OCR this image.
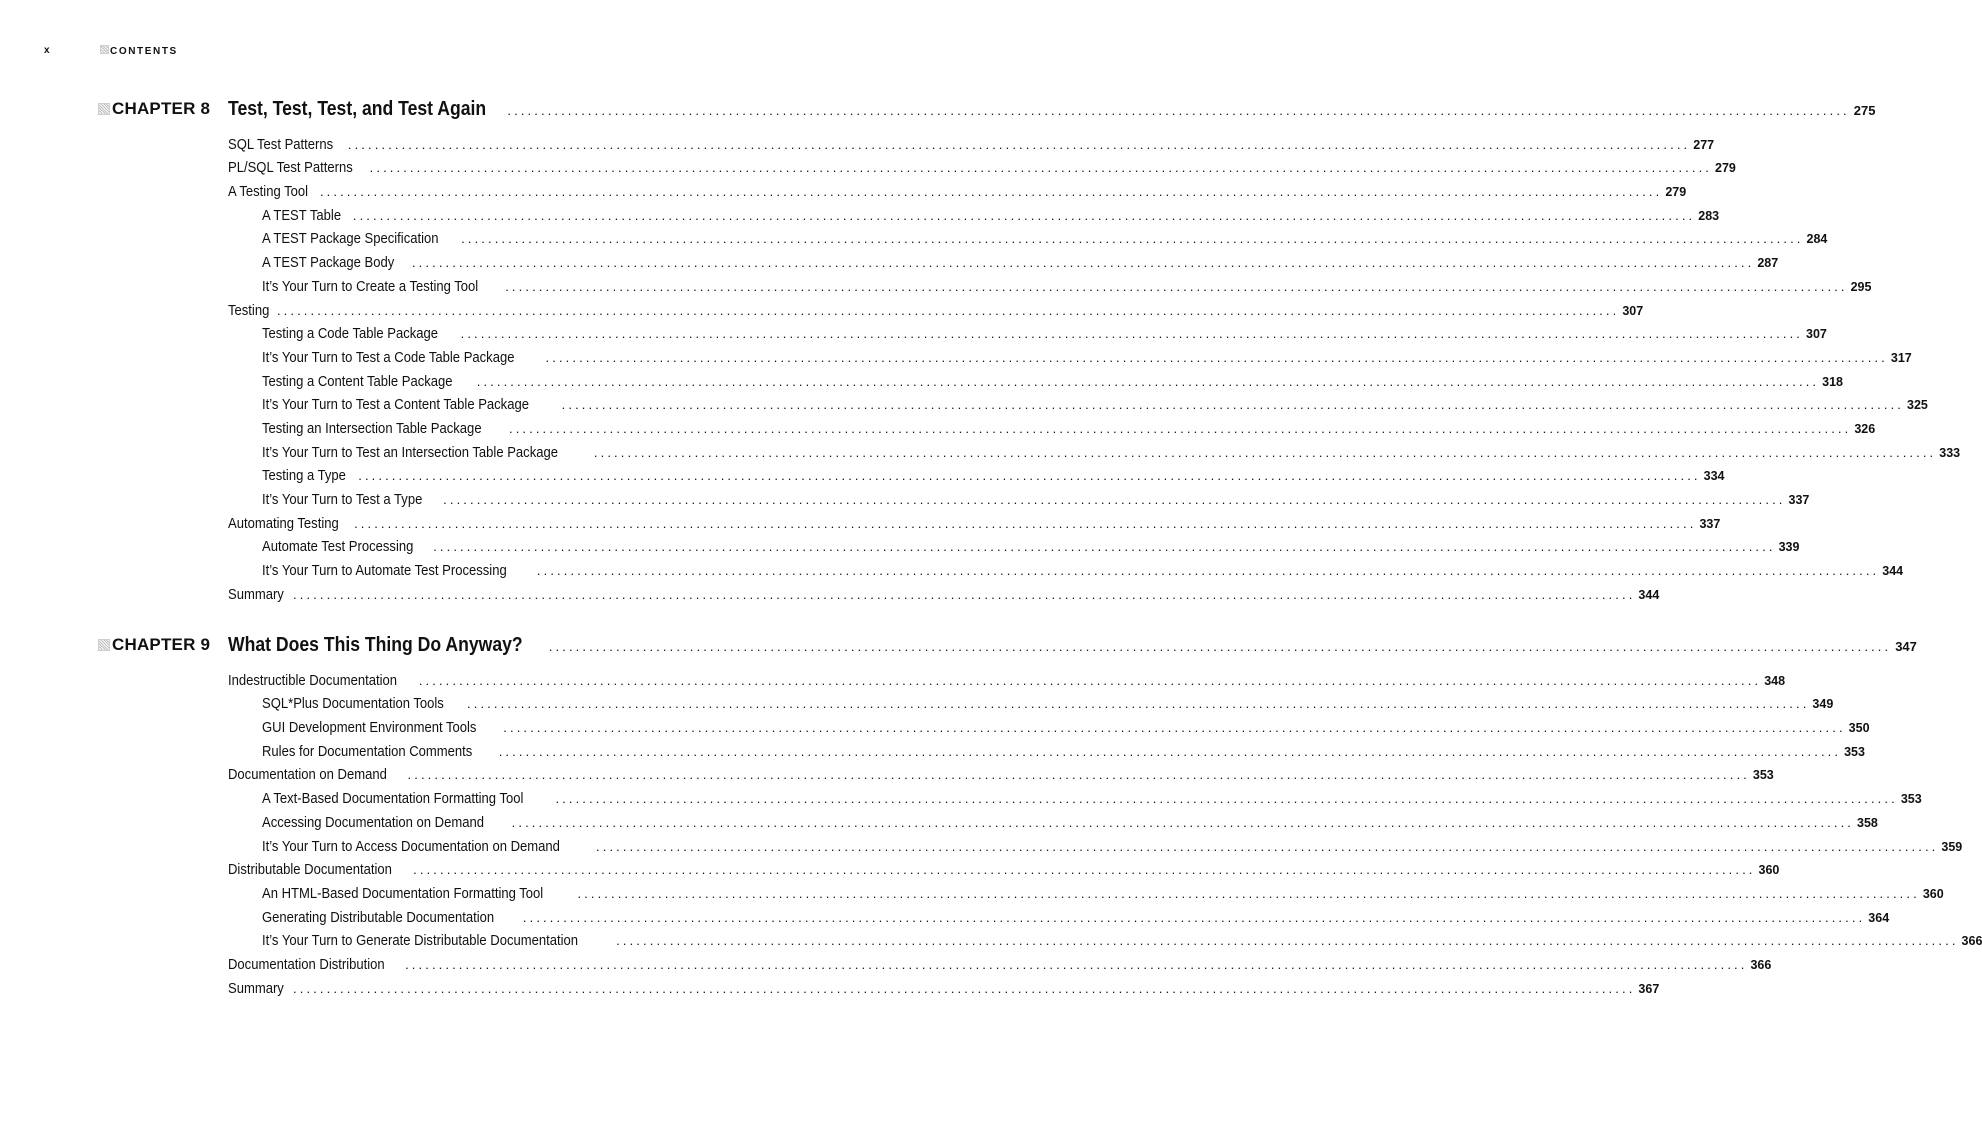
x	CONTENTS
CHAPTER 8 Test, Test, Test, and Test Again ........................................................................................................................................................................................................ 275
SQL Test Patterns ........................................................................................................................................................................................................ 277
PL/SQL Test Patterns ........................................................................................................................................................................................................ 279
A Testing Tool ........................................................................................................................................................................................................ 279
A TEST Table ........................................................................................................................................................................................................ 283
A TEST Package Specification ........................................................................................................................................................................................................ 284
A TEST Package Body ........................................................................................................................................................................................................ 287
It’s Your Turn to Create a Testing Tool ........................................................................................................................................................................................................ 295
Testing ........................................................................................................................................................................................................ 307
Testing a Code Table Package ........................................................................................................................................................................................................ 307
It’s Your Turn to Test a Code Table Package ........................................................................................................................................................................................................ 317
Testing a Content Table Package ........................................................................................................................................................................................................ 318
It’s Your Turn to Test a Content Table Package	........................................................................................................................................................................................................ 325
Testing an Intersection Table Package ........................................................................................................................................................................................................ 326
It’s Your Turn to Test an Intersection Table Package	........................................................................................................................................................................................................ 333
Testing a Type ........................................................................................................................................................................................................ 334
It’s Your Turn to Test a Type ........................................................................................................................................................................................................ 337
Automating Testing ........................................................................................................................................................................................................ 337
Automate Test Processing ........................................................................................................................................................................................................ 339
It’s Your Turn to Automate Test Processing ........................................................................................................................................................................................................ 344
Summary ........................................................................................................................................................................................................ 344
CHAPTER 9 What Does This Thing Do Anyway? ........................................................................................................................................................................................................ 347
Indestructible Documentation ........................................................................................................................................................................................................ 348
SQL*Plus Documentation Tools ........................................................................................................................................................................................................ 349
GUI Development Environment Tools ........................................................................................................................................................................................................ 350
Rules for Documentation Comments ........................................................................................................................................................................................................ 353
Documentation on Demand ........................................................................................................................................................................................................ 353
A Text-Based Documentation Formatting Tool ........................................................................................................................................................................................................ 353
Accessing Documentation on Demand ........................................................................................................................................................................................................ 358
It’s Your Turn to Access Documentation on Demand	........................................................................................................................................................................................................ 359
Distributable Documentation ........................................................................................................................................................................................................ 360
An HTML-Based Documentation Formatting Tool	........................................................................................................................................................................................................ 360
Generating Distributable Documentation ........................................................................................................................................................................................................ 364
It’s Your Turn to Generate Distributable Documentation	........................................................................................................................................................................................................ 366
Documentation Distribution ........................................................................................................................................................................................................ 366
Summary ........................................................................................................................................................................................................ 367
